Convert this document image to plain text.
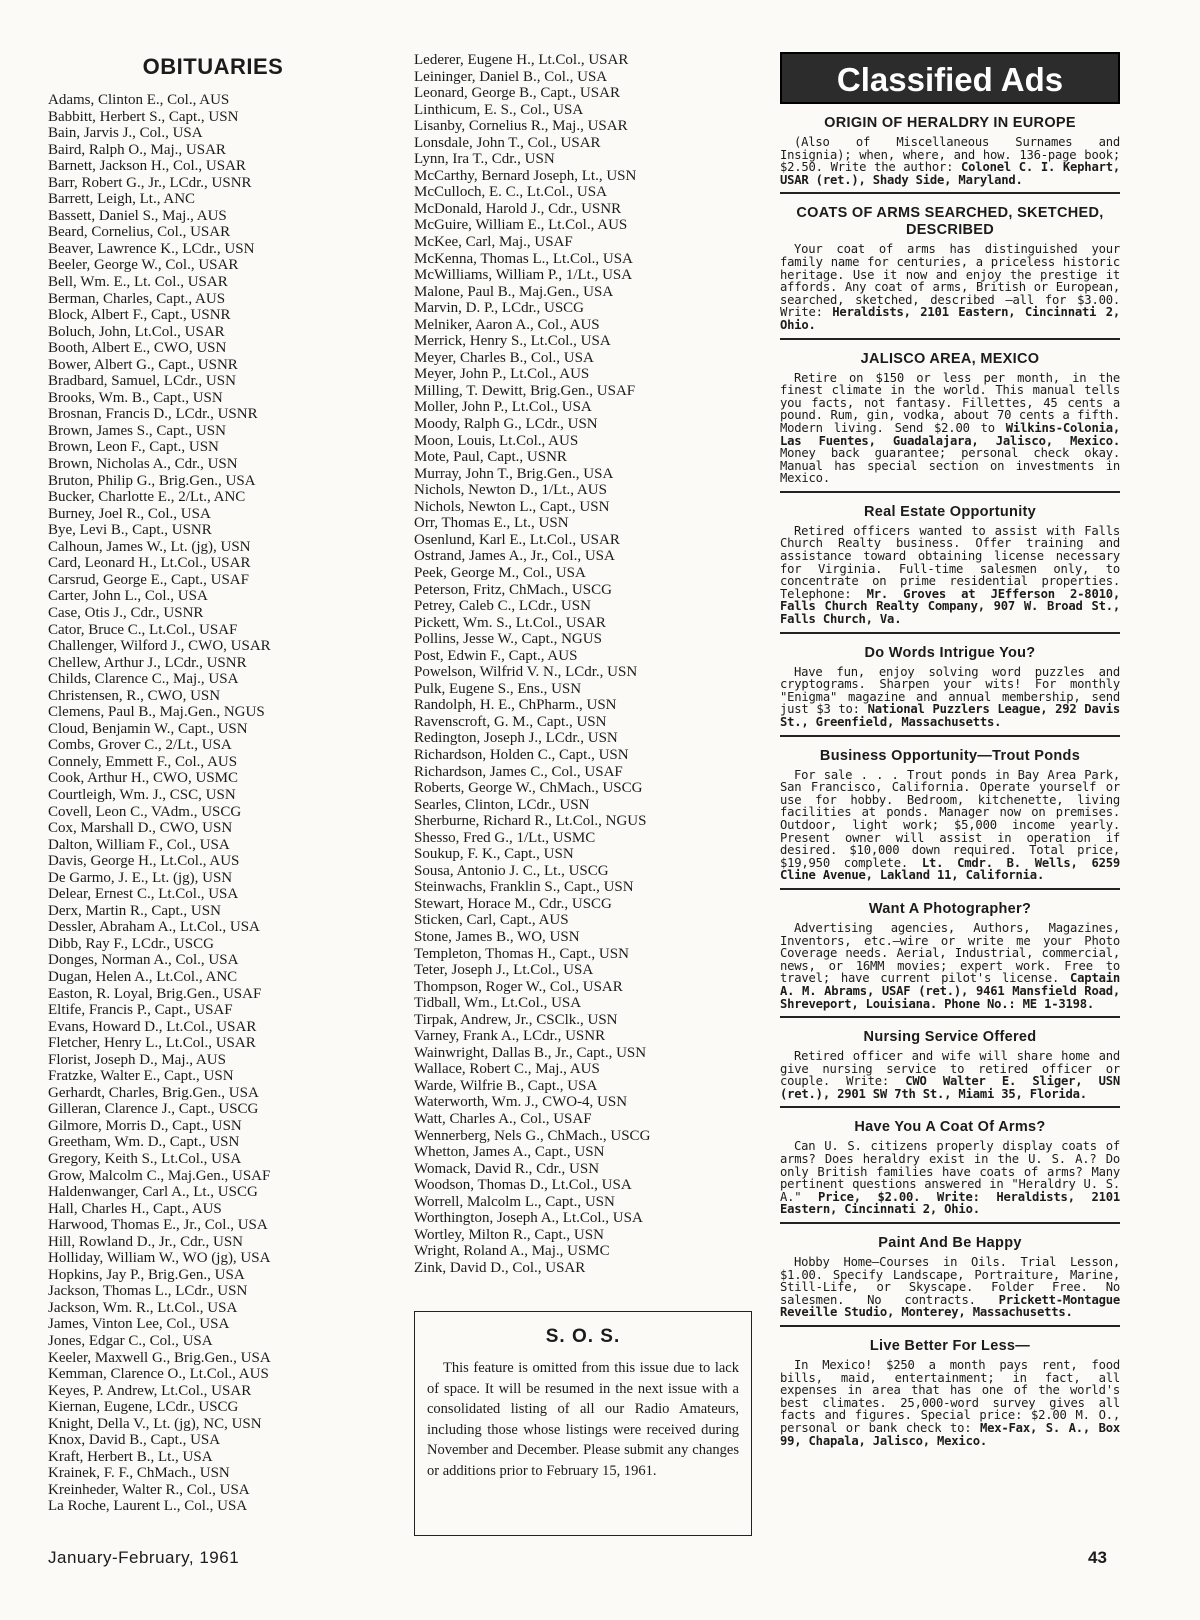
OBITUARIES
Adams, Clinton E., Col., AUS
Babbitt, Herbert S., Capt., USN
Bain, Jarvis J., Col., USA
Baird, Ralph O., Maj., USAR
Barnett, Jackson H., Col., USAR
Barr, Robert G., Jr., LCdr., USNR
Barrett, Leigh, Lt., ANC
Bassett, Daniel S., Maj., AUS
Beard, Cornelius, Col., USAR
Beaver, Lawrence K., LCdr., USN
Beeler, George W., Col., USAR
Bell, Wm. E., Lt. Col., USAR
Berman, Charles, Capt., AUS
Block, Albert F., Capt., USNR
Boluch, John, Lt.Col., USAR
Booth, Albert E., CWO, USN
Bower, Albert G., Capt., USNR
Bradbard, Samuel, LCdr., USN
Brooks, Wm. B., Capt., USN
Brosnan, Francis D., LCdr., USNR
Brown, James S., Capt., USN
Brown, Leon F., Capt., USN
Brown, Nicholas A., Cdr., USN
Bruton, Philip G., Brig.Gen., USA
Bucker, Charlotte E., 2/Lt., ANC
Burney, Joel R., Col., USA
Bye, Levi B., Capt., USNR
Calhoun, James W., Lt. (jg), USN
Card, Leonard H., Lt.Col., USAR
Carsrud, George E., Capt., USAF
Carter, John L., Col., USA
Case, Otis J., Cdr., USNR
Cator, Bruce C., Lt.Col., USAF
Challenger, Wilford J., CWO, USAR
Chellew, Arthur J., LCdr., USNR
Childs, Clarence C., Maj., USA
Christensen, R., CWO, USN
Clemens, Paul B., Maj.Gen., NGUS
Cloud, Benjamin W., Capt., USN
Combs, Grover C., 2/Lt., USA
Connely, Emmett F., Col., AUS
Cook, Arthur H., CWO, USMC
Courtleigh, Wm. J., CSC, USN
Covell, Leon C., VAdm., USCG
Cox, Marshall D., CWO, USN
Dalton, William F., Col., USA
Davis, George H., Lt.Col., AUS
De Garmo, J. E., Lt. (jg), USN
Delear, Ernest C., Lt.Col., USA
Derx, Martin R., Capt., USN
Dessler, Abraham A., Lt.Col., USA
Dibb, Ray F., LCdr., USCG
Donges, Norman A., Col., USA
Dugan, Helen A., Lt.Col., ANC
Easton, R. Loyal, Brig.Gen., USAF
Eltife, Francis P., Capt., USAF
Evans, Howard D., Lt.Col., USAR
Fletcher, Henry L., Lt.Col., USAR
Florist, Joseph D., Maj., AUS
Fratzke, Walter E., Capt., USN
Gerhardt, Charles, Brig.Gen., USA
Gilleran, Clarence J., Capt., USCG
Gilmore, Morris D., Capt., USN
Greetham, Wm. D., Capt., USN
Gregory, Keith S., Lt.Col., USA
Grow, Malcolm C., Maj.Gen., USAF
Haldenwanger, Carl A., Lt., USCG
Hall, Charles H., Capt., AUS
Harwood, Thomas E., Jr., Col., USA
Hill, Rowland D., Jr., Cdr., USN
Holliday, William W., WO (jg), USA
Hopkins, Jay P., Brig.Gen., USA
Jackson, Thomas L., LCdr., USN
Jackson, Wm. R., Lt.Col., USA
James, Vinton Lee, Col., USA
Jones, Edgar C., Col., USA
Keeler, Maxwell G., Brig.Gen., USA
Kemman, Clarence O., Lt.Col., AUS
Keyes, P. Andrew, Lt.Col., USAR
Kiernan, Eugene, LCdr., USCG
Knight, Della V., Lt. (jg), NC, USN
Knox, David B., Capt., USA
Kraft, Herbert B., Lt., USA
Krainek, F. F., ChMach., USN
Kreinheder, Walter R., Col., USA
La Roche, Laurent L., Col., USA
Lederer, Eugene H., Lt.Col., USAR
Leininger, Daniel B., Col., USA
Leonard, George B., Capt., USAR
Linthicum, E. S., Col., USA
Lisanby, Cornelius R., Maj., USAR
Lonsdale, John T., Col., USAR
Lynn, Ira T., Cdr., USN
McCarthy, Bernard Joseph, Lt., USN
McCulloch, E. C., Lt.Col., USA
McDonald, Harold J., Cdr., USNR
McGuire, William E., Lt.Col., AUS
McKee, Carl, Maj., USAF
McKenna, Thomas L., Lt.Col., USA
McWilliams, William P., 1/Lt., USA
Malone, Paul B., Maj.Gen., USA
Marvin, D. P., LCdr., USCG
Melniker, Aaron A., Col., AUS
Merrick, Henry S., Lt.Col., USA
Meyer, Charles B., Col., USA
Meyer, John P., Lt.Col., AUS
Milling, T. Dewitt, Brig.Gen., USAF
Moller, John P., Lt.Col., USA
Moody, Ralph G., LCdr., USN
Moon, Louis, Lt.Col., AUS
Mote, Paul, Capt., USNR
Murray, John T., Brig.Gen., USA
Nichols, Newton D., 1/Lt., AUS
Nichols, Newton L., Capt., USN
Orr, Thomas E., Lt., USN
Osenlund, Karl E., Lt.Col., USAR
Ostrand, James A., Jr., Col., USA
Peek, George M., Col., USA
Peterson, Fritz, ChMach., USCG
Petrey, Caleb C., LCdr., USN
Pickett, Wm. S., Lt.Col., USAR
Pollins, Jesse W., Capt., NGUS
Post, Edwin F., Capt., AUS
Powelson, Wilfrid V. N., LCdr., USN
Pulk, Eugene S., Ens., USN
Randolph, H. E., ChPharm., USN
Ravenscroft, G. M., Capt., USN
Redington, Joseph J., LCdr., USN
Richardson, Holden C., Capt., USN
Richardson, James C., Col., USAF
Roberts, George W., ChMach., USCG
Searles, Clinton, LCdr., USN
Sherburne, Richard R., Lt.Col., NGUS
Shesso, Fred G., 1/Lt., USMC
Soukup, F. K., Capt., USN
Sousa, Antonio J. C., Lt., USCG
Steinwachs, Franklin S., Capt., USN
Stewart, Horace M., Cdr., USCG
Sticken, Carl, Capt., AUS
Stone, James B., WO, USN
Templeton, Thomas H., Capt., USN
Teter, Joseph J., Lt.Col., USA
Thompson, Roger W., Col., USAR
Tidball, Wm., Lt.Col., USA
Tirpak, Andrew, Jr., CSClk., USN
Varney, Frank A., LCdr., USNR
Wainwright, Dallas B., Jr., Capt., USN
Wallace, Robert C., Maj., AUS
Warde, Wilfrie B., Capt., USA
Waterworth, Wm. J., CWO-4, USN
Watt, Charles A., Col., USAF
Wennerberg, Nels G., ChMach., USCG
Whetton, James A., Capt., USN
Womack, David R., Cdr., USN
Woodson, Thomas D., Lt.Col., USA
Worrell, Malcolm L., Capt., USN
Worthington, Joseph A., Lt.Col., USA
Wortley, Milton R., Capt., USN
Wright, Roland A., Maj., USMC
Zink, David D., Col., USAR
S. O. S.

This feature is omitted from this issue due to lack of space. It will be resumed in the next issue with a consolidated listing of all our Radio Amateurs, including those whose listings were received during November and December. Please submit any changes or additions prior to February 15, 1961.

Classified Ads
ORIGIN OF HERALDRY IN EUROPE

(Also of Miscellaneous Surnames and Insignia); when, where, and how. 136-page book; $2.50. Write the author: Colonel C. I. Kephart, USAR (ret.), Shady Side, Maryland.

COATS OF ARMS SEARCHED, SKETCHED, DESCRIBED

Your coat of arms has distinguished your family name for centuries, a priceless historic heritage. Use it now and enjoy the prestige it affords. Any coat of arms, British or European, searched, sketched, described —all for $3.00. Write: Heraldists, 2101 Eastern, Cincinnati 2, Ohio.

JALISCO AREA, MEXICO

Retire on $150 or less per month, in the finest climate in the world. This manual tells you facts, not fantasy. Fillettes, 45 cents a pound. Rum, gin, vodka, about 70 cents a fifth. Modern living. Send $2.00 to Wilkins-Colonia, Las Fuentes, Guadalajara, Jalisco, Mexico. Money back guarantee; personal check okay. Manual has special section on investments in Mexico.

Real Estate Opportunity

Retired officers wanted to assist with Falls Church Realty business. Offer training and assistance toward obtaining license necessary for Virginia. Full-time salesmen only, to concentrate on prime residential properties. Telephone: Mr. Groves at JEfferson 2-8010, Falls Church Realty Company, 907 W. Broad St., Falls Church, Va.

Do Words Intrigue You?

Have fun, enjoy solving word puzzles and cryptograms. Sharpen your wits! For monthly "Enigma" magazine and annual membership, send just $3 to: National Puzzlers League, 292 Davis St., Greenfield, Massachusetts.

Business Opportunity—Trout Ponds

For sale . . . Trout ponds in Bay Area Park, San Francisco, California. Operate yourself or use for hobby. Bedroom, kitchenette, living facilities at ponds. Manager now on premises. Outdoor, light work; $5,000 income yearly. Present owner will assist in operation if desired. $10,000 down required. Total price, $19,950 complete. Lt. Cmdr. B. Wells, 6259 Cline Avenue, Lakland 11, California.

Want A Photographer?

Advertising agencies, Authors, Magazines, Inventors, etc.—wire or write me your Photo Coverage needs. Aerial, Industrial, commercial, news, or 16MM movies; expert work. Free to travel; have current pilot's license. Captain A. M. Abrams, USAF (ret.), 9461 Mansfield Road, Shreveport, Louisiana. Phone No.: ME 1-3198.

Nursing Service Offered

Retired officer and wife will share home and give nursing service to retired officer or couple. Write: CWO Walter E. Sliger, USN (ret.), 2901 SW 7th St., Miami 35, Florida.

Have You A Coat Of Arms?

Can U. S. citizens properly display coats of arms? Does heraldry exist in the U. S. A.? Do only British families have coats of arms? Many pertinent questions answered in "Heraldry U. S. A." Price, $2.00. Write: Heraldists, 2101 Eastern, Cincinnati 2, Ohio.

Paint And Be Happy

Hobby Home—Courses in Oils. Trial Lesson, $1.00. Specify Landscape, Portraiture, Marine, Still-Life, or Skyscape. Folder Free. No salesmen. No contracts. Prickett-Montague Reveille Studio, Monterey, Massachusetts.

Live Better For Less—

In Mexico! $250 a month pays rent, food bills, maid, entertainment; in fact, all expenses in area that has one of the world's best climates. 25,000-word survey gives all facts and figures. Special price: $2.00 M. O., personal or bank check to: Mex-Fax, S. A., Box 99, Chapala, Jalisco, Mexico.

January-February, 1961	43
